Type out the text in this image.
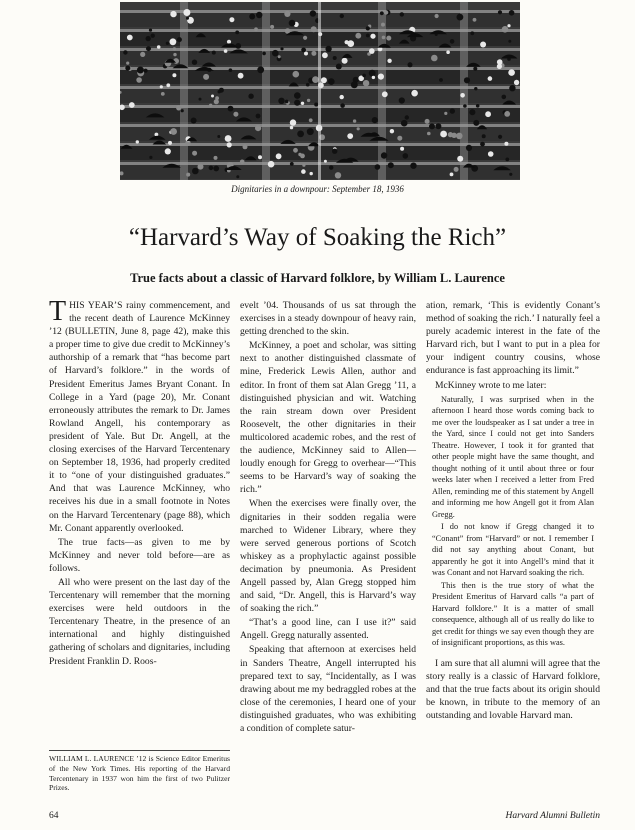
Dignitaries in a downpour: September 18, 1936
“Harvard’s Way of Soaking the Rich”
True facts about a classic of Harvard folklore, by William L. Laurence

THIS YEAR’S rainy commencement, and the recent death of Laurence McKinney ’12 (BULLETIN, June 8, page 42), make this a proper time to give due credit to McKinney’s authorship of a remark that “has become part of Harvard’s folklore.” in the words of President Emeritus James Bryant Conant. In College in a Yard (page 20), Mr. Conant erroneously attributes the remark to Dr. James Rowland Angell, his contemporary as president of Yale. But Dr. Angell, at the closing exercises of the Harvard Tercentenary on September 18, 1936, had properly credited it to “one of your distinguished graduates.” And that was Laurence McKinney, who receives his due in a small footnote in Notes on the Harvard Tercentenary (page 88), which Mr. Conant apparently overlooked.

The true facts—as given to me by McKinney and never told before—are as follows.

All who were present on the last day of the Tercentenary will remember that the morning exercises were held outdoors in the Tercentenary Theatre, in the presence of an international and highly distinguished gathering of scholars and dignitaries, including President Franklin D. Roos-

evelt ’04. Thousands of us sat through the exercises in a steady downpour of heavy rain, getting drenched to the skin.

McKinney, a poet and scholar, was sitting next to another distinguished classmate of mine, Frederick Lewis Allen, author and editor. In front of them sat Alan Gregg ’11, a distinguished physician and wit. Watching the rain stream down over President Roosevelt, the other dignitaries in their multicolored academic robes, and the rest of the audience, McKinney said to Allen—loudly enough for Gregg to overhear—“This seems to be Harvard’s way of soaking the rich.”

When the exercises were finally over, the dignitaries in their sodden regalia were marched to Widener Library, where they were served generous portions of Scotch whiskey as a prophylactic against possible decimation by pneumonia. As President Angell passed by, Alan Gregg stopped him and said, “Dr. Angell, this is Harvard’s way of soaking the rich.”

“That’s a good line, can I use it?” said Angell. Gregg naturally assented.

Speaking that afternoon at exercises held in Sanders Theatre, Angell interrupted his prepared text to say, “Incidentally, as I was drawing about me my bedraggled robes at the close of the ceremonies, I heard one of your distinguished graduates, who was exhibiting a condition of complete satur-

ation, remark, ‘This is evidently Conant’s method of soaking the rich.’ I naturally feel a purely academic interest in the fate of the Harvard rich, but I want to put in a plea for your indigent country cousins, whose endurance is fast approaching its limit.”

McKinney wrote to me later:

Naturally, I was surprised when in the afternoon I heard those words coming back to me over the loudspeaker as I sat under a tree in the Yard, since I could not get into Sanders Theatre. However, I took it for granted that other people might have the same thought, and thought nothing of it until about three or four weeks later when I received a letter from Fred Allen, reminding me of this statement by Angell and informing me how Angell got it from Alan Gregg.

I do not know if Gregg changed it to “Conant” from “Harvard” or not. I remember I did not say anything about Conant, but apparently he got it into Angell’s mind that it was Conant and not Harvard soaking the rich.

This then is the true story of what the President Emeritus of Harvard calls “a part of Harvard folklore.” It is a matter of small consequence, although all of us really do like to get credit for things we say even though they are of insignificant proportions, as this was.

I am sure that all alumni will agree that the story really is a classic of Harvard folklore, and that the true facts about its origin should be known, in tribute to the memory of an outstanding and lovable Harvard man.

WILLIAM L. LAURENCE ’12 is Science Editor Emeritus of the New York Times. His reporting of the Harvard Tercentenary in 1937 won him the first of two Pulitzer Prizes.
64	Harvard Alumni Bulletin
